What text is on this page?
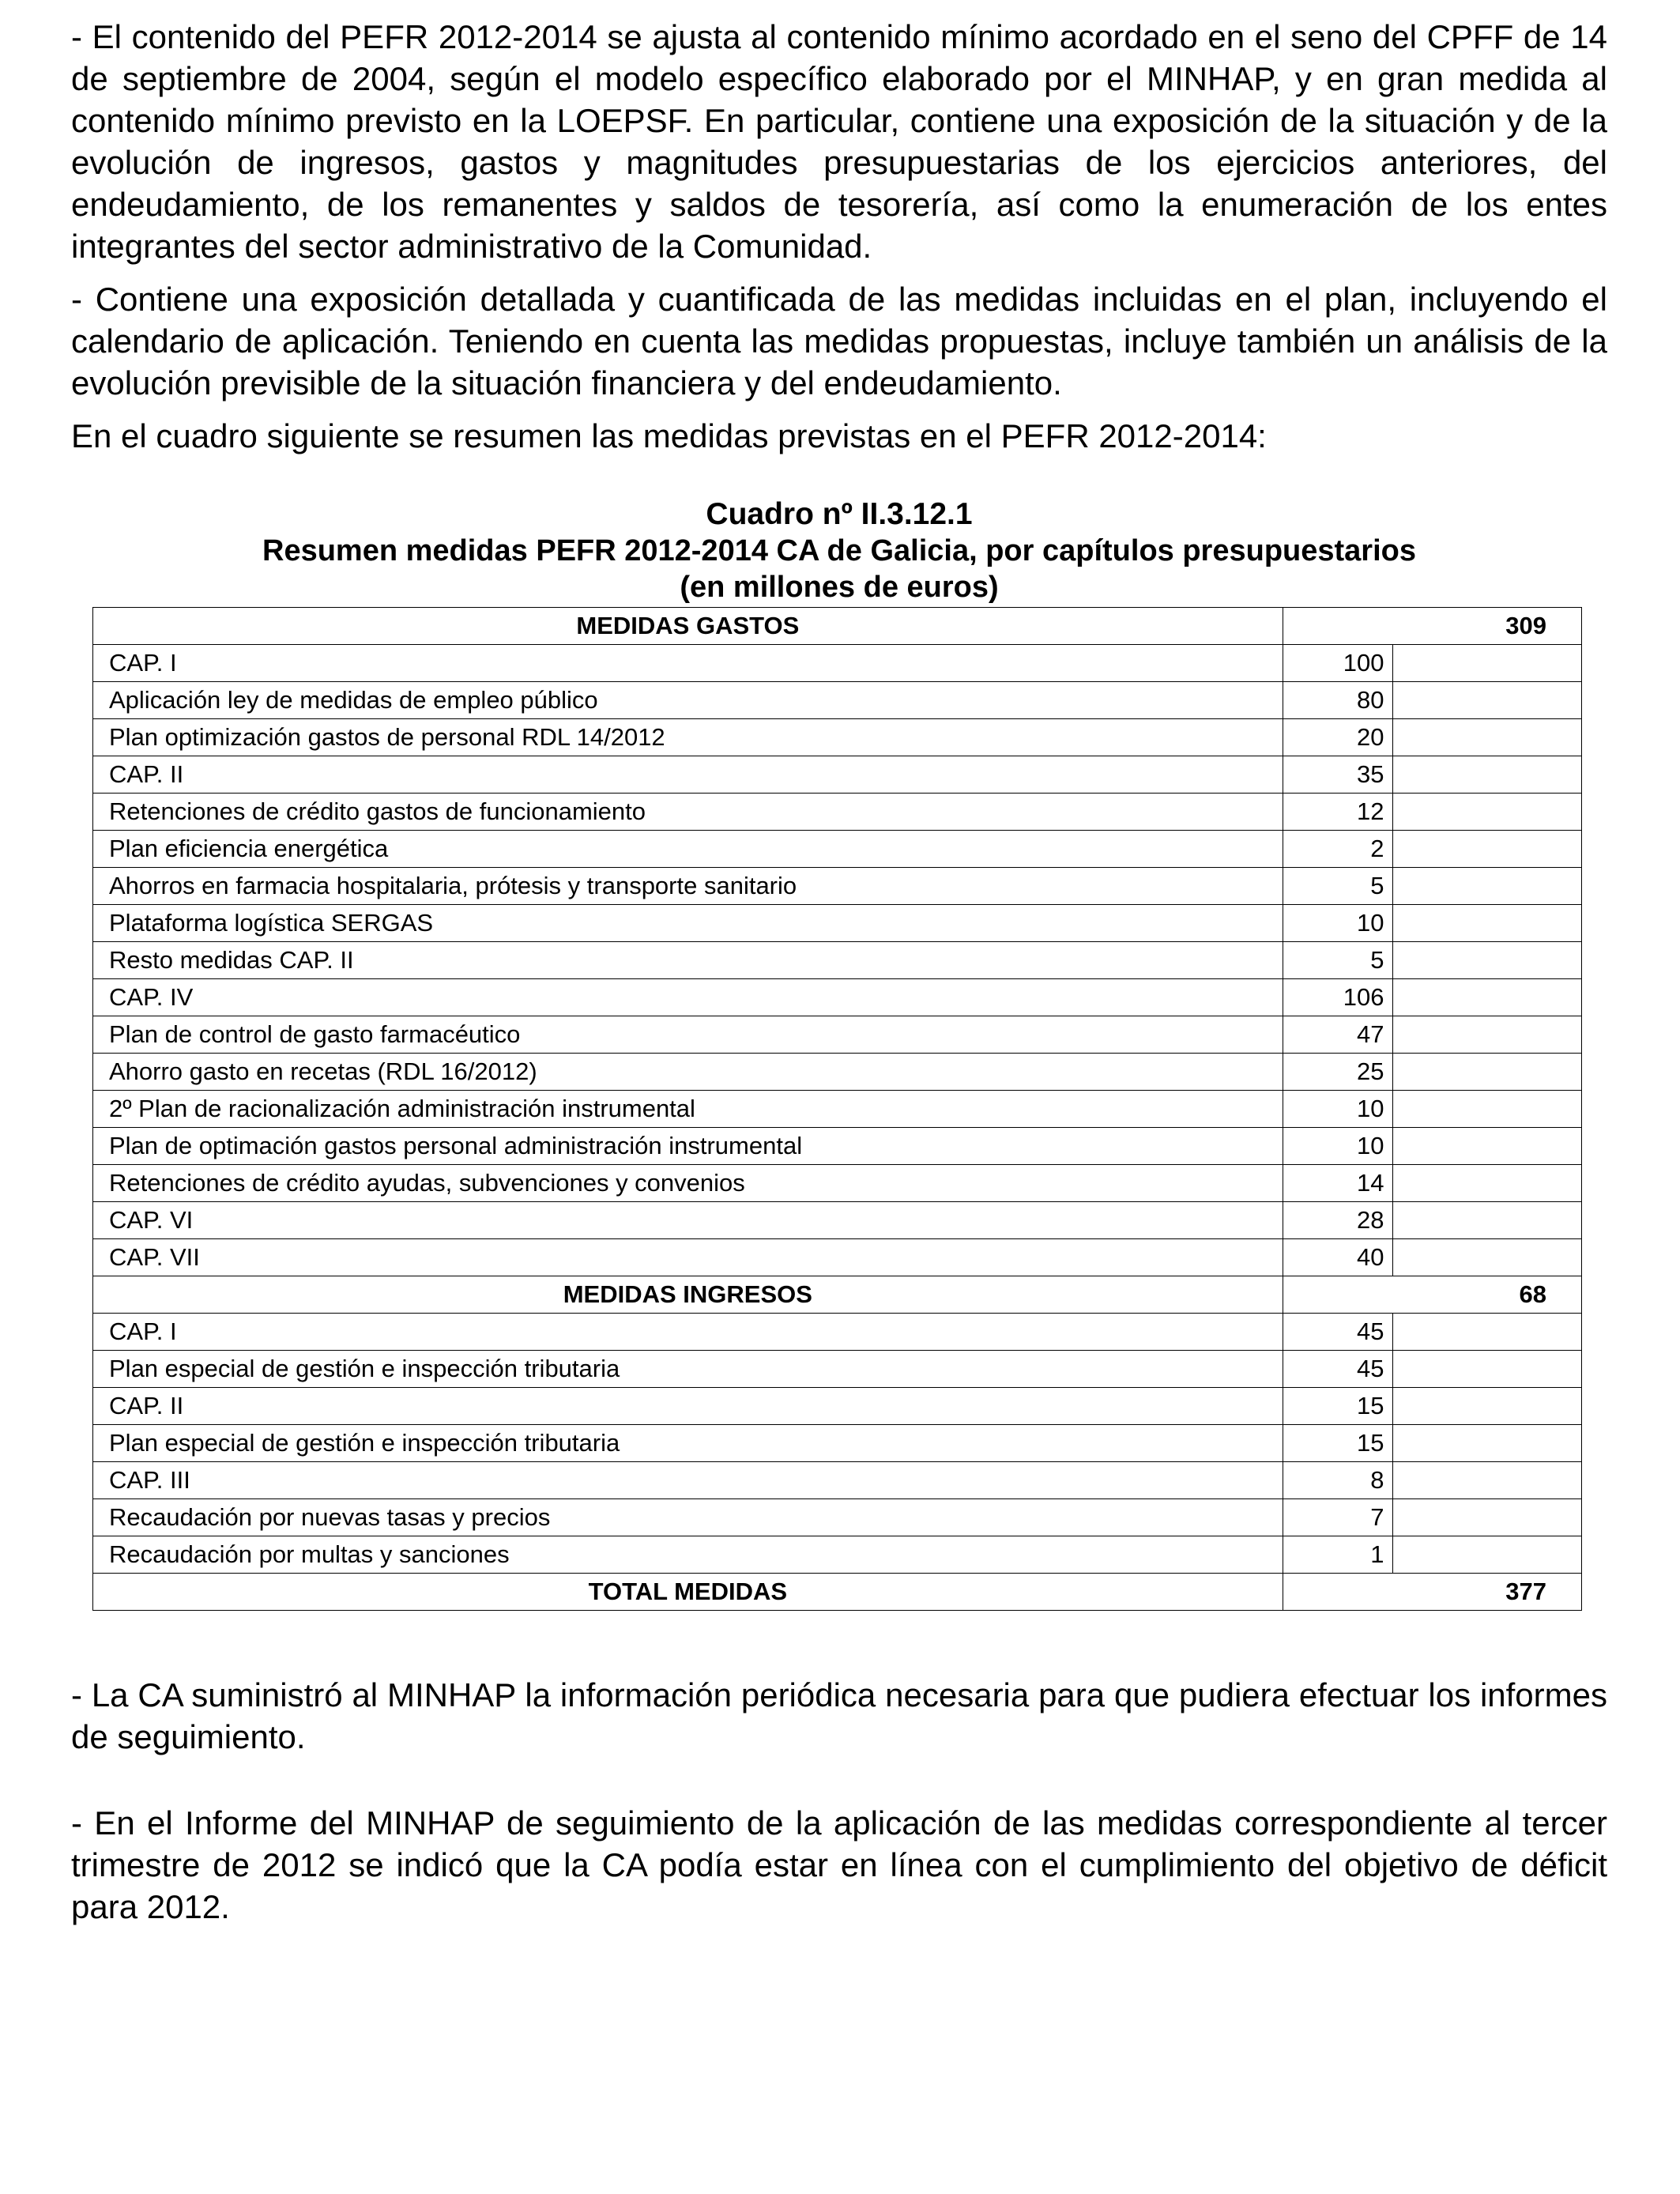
- El contenido del PEFR 2012-2014 se ajusta al contenido mínimo acordado en el seno del CPFF de 14 de septiembre de 2004, según el modelo específico elaborado por el MINHAP, y en gran medida al contenido mínimo previsto en la LOEPSF. En particular, contiene una exposición de la situación y de la evolución de ingresos, gastos y magnitudes presupuestarias de los ejercicios anteriores, del endeudamiento, de los remanentes y saldos de tesorería, así como la enumeración de los entes integrantes del sector administrativo de la Comunidad.

- Contiene una exposición detallada y cuantificada de las medidas incluidas en el plan, incluyendo el calendario de aplicación. Teniendo en cuenta las medidas propuestas, incluye también un análisis de la evolución previsible de la situación financiera y del endeudamiento.

En el cuadro siguiente se resumen las medidas previstas en el PEFR 2012-2014:

Cuadro nº II.3.12.1

Resumen medidas PEFR 2012-2014 CA de Galicia, por capítulos presupuestarios

(en millones de euros)

MEDIDAS GASTOS	309	
CAP. I	100	
Aplicación ley de medidas de empleo público	80	
Plan optimización gastos de personal RDL 14/2012	20	
CAP. II	35	
Retenciones de crédito gastos de funcionamiento	12	
Plan eficiencia energética	2	
Ahorros en farmacia hospitalaria, prótesis y transporte sanitario	5	
Plataforma logística SERGAS	10	
Resto medidas CAP. II	5	
CAP. IV	106	
Plan de control de gasto farmacéutico	47	
Ahorro gasto en recetas (RDL 16/2012)	25	
2º Plan de racionalización administración instrumental	10	
Plan de optimación gastos personal administración instrumental	10	
Retenciones de crédito ayudas, subvenciones y convenios	14	
CAP. VI	28	
CAP. VII	40	
MEDIDAS INGRESOS	68	
CAP. I	45	
Plan especial de gestión e inspección tributaria	45	
CAP. II	15	
Plan especial de gestión e inspección tributaria	15	
CAP. III	8	
Recaudación por nuevas tasas y precios	7	
Recaudación por multas y sanciones	1	
TOTAL MEDIDAS	377	

- La CA suministró al MINHAP la información periódica necesaria para que pudiera efectuar los informes de seguimiento.

- En el Informe del MINHAP de seguimiento de la aplicación de las medidas correspondiente al tercer trimestre de 2012 se indicó que la CA podía estar en línea con el cumplimiento del objetivo de déficit para 2012.
